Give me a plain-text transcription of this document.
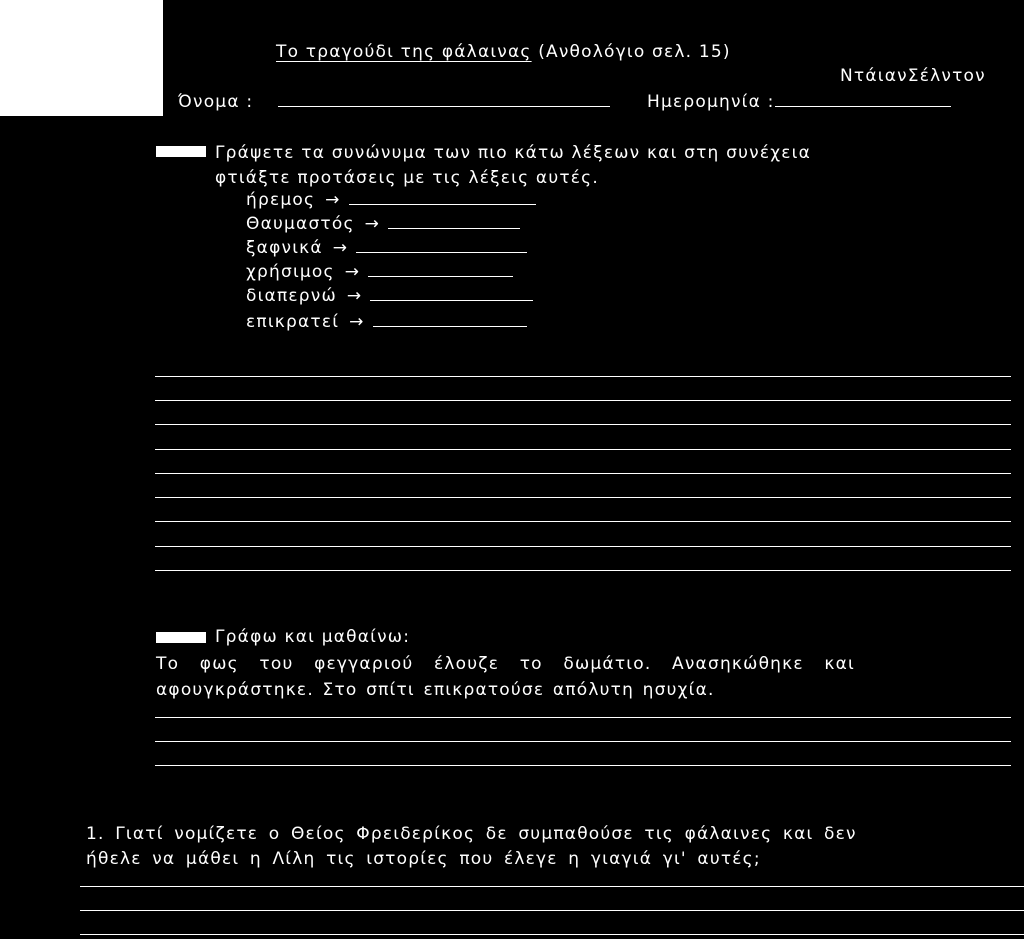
Το τραγούδι της φάλαινας (Ανθολόγιο σελ. 15)
ΝτάιανΣέλντον
Όνομα :	Ημερομηνία :
Γράψετε τα συνώνυμα των πιο κάτω λέξεων και στη συνέχεια
φτιάξτε προτάσεις με τις λέξεις αυτές.
ήρεμος →
Θαυμαστός →
ξαφνικά →
χρήσιμος →
διαπερνώ →
επικρατεί →
Γράφω και μαθαίνω:
Το φως του φεγγαριού έλουζε το δωμάτιο. Ανασηκώθηκε και
αφουγκράστηκε. Στο σπίτι επικρατούσε απόλυτη ησυχία.
1. Γιατί νομίζετε ο Θείος Φρειδερίκος δε συμπαθούσε τις φάλαινες και δεν
ήθελε να μάθει η Λίλη τις ιστορίες που έλεγε η γιαγιά γι' αυτές;
